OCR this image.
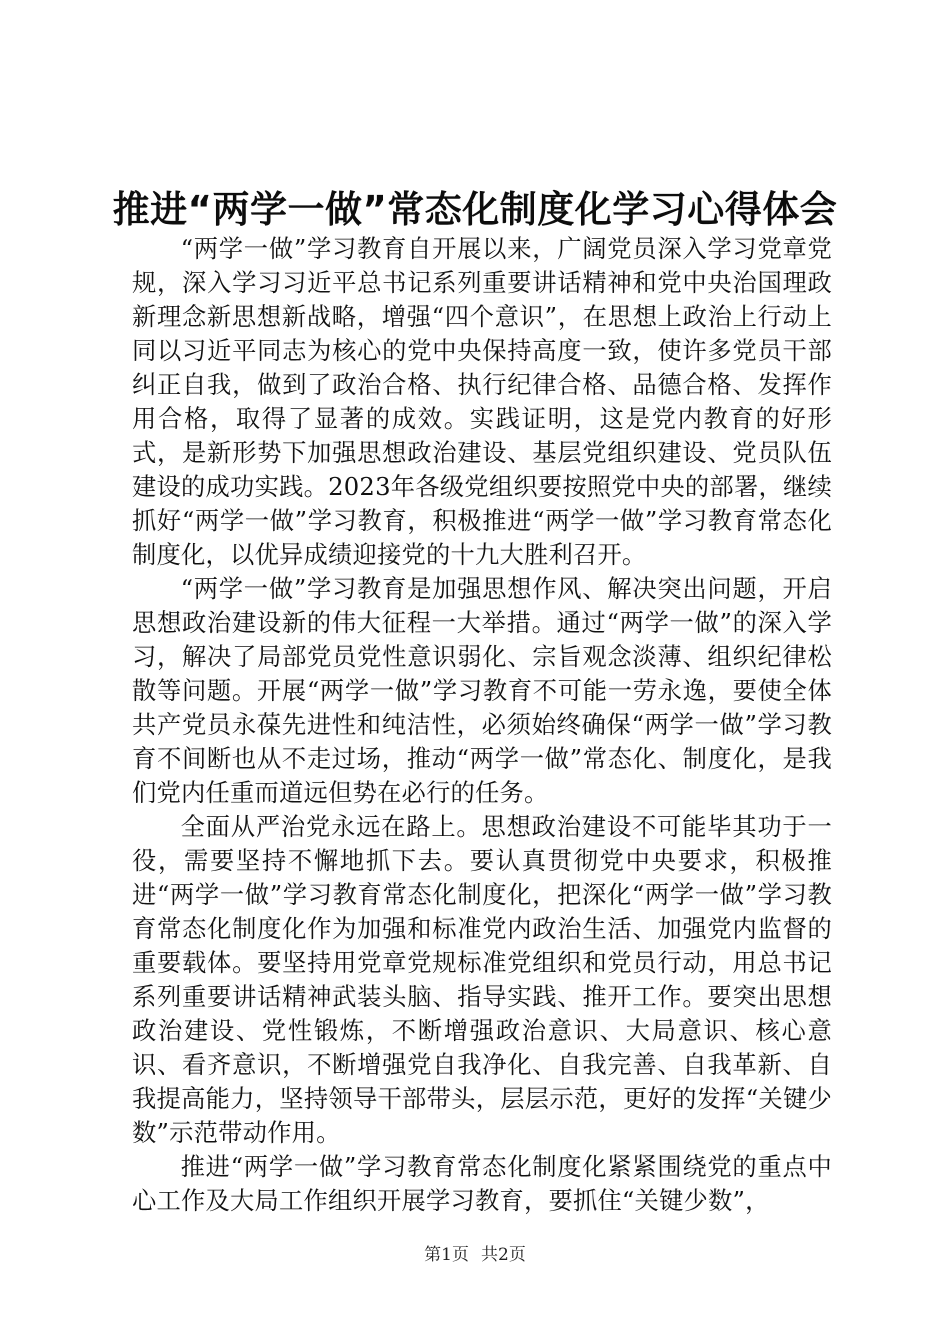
推进“两学一做”常态化制度化学习心得体会

“两学一做”学习教育自开展以来，广阔党员深入学习党章党规，深入学习习近平总书记系列重要讲话精神和党中央治国理政新理念新思想新战略，增强“四个意识”，在思想上政治上行动上同以习近平同志为核心的党中央保持高度一致，使许多党员干部纠正自我，做到了政治合格、执行纪律合格、品德合格、发挥作用合格，取得了显著的成效。实践证明，这是党内教育的好形式，是新形势下加强思想政治建设、基层党组织建设、党员队伍建设的成功实践。2023年各级党组织要按照党中央的部署，继续抓好“两学一做”学习教育，积极推进“两学一做”学习教育常态化制度化，以优异成绩迎接党的十九大胜利召开。

“两学一做”学习教育是加强思想作风、解决突出问题，开启思想政治建设新的伟大征程一大举措。通过“两学一做”的深入学习，解决了局部党员党性意识弱化、宗旨观念淡薄、组织纪律松散等问题。开展“两学一做”学习教育不可能一劳永逸，要使全体共产党员永葆先进性和纯洁性，必须始终确保“两学一做”学习教育不间断也从不走过场，推动“两学一做”常态化、制度化，是我们党内任重而道远但势在必行的任务。

全面从严治党永远在路上。思想政治建设不可能毕其功于一役，需要坚持不懈地抓下去。要认真贯彻党中央要求，积极推进“两学一做”学习教育常态化制度化，把深化“两学一做”学习教育常态化制度化作为加强和标准党内政治生活、加强党内监督的重要载体。要坚持用党章党规标准党组织和党员行动，用总书记系列重要讲话精神武装头脑、指导实践、推开工作。要突出思想政治建设、党性锻炼，不断增强政治意识、大局意识、核心意识、看齐意识，不断增强党自我净化、自我完善、自我革新、自我提高能力，坚持领导干部带头，层层示范，更好的发挥“关键少数”示范带动作用。

推进“两学一做”学习教育常态化制度化紧紧围绕党的重点中心工作及大局工作组织开展学习教育，要抓住“关键少数”，

第1页 共2页
